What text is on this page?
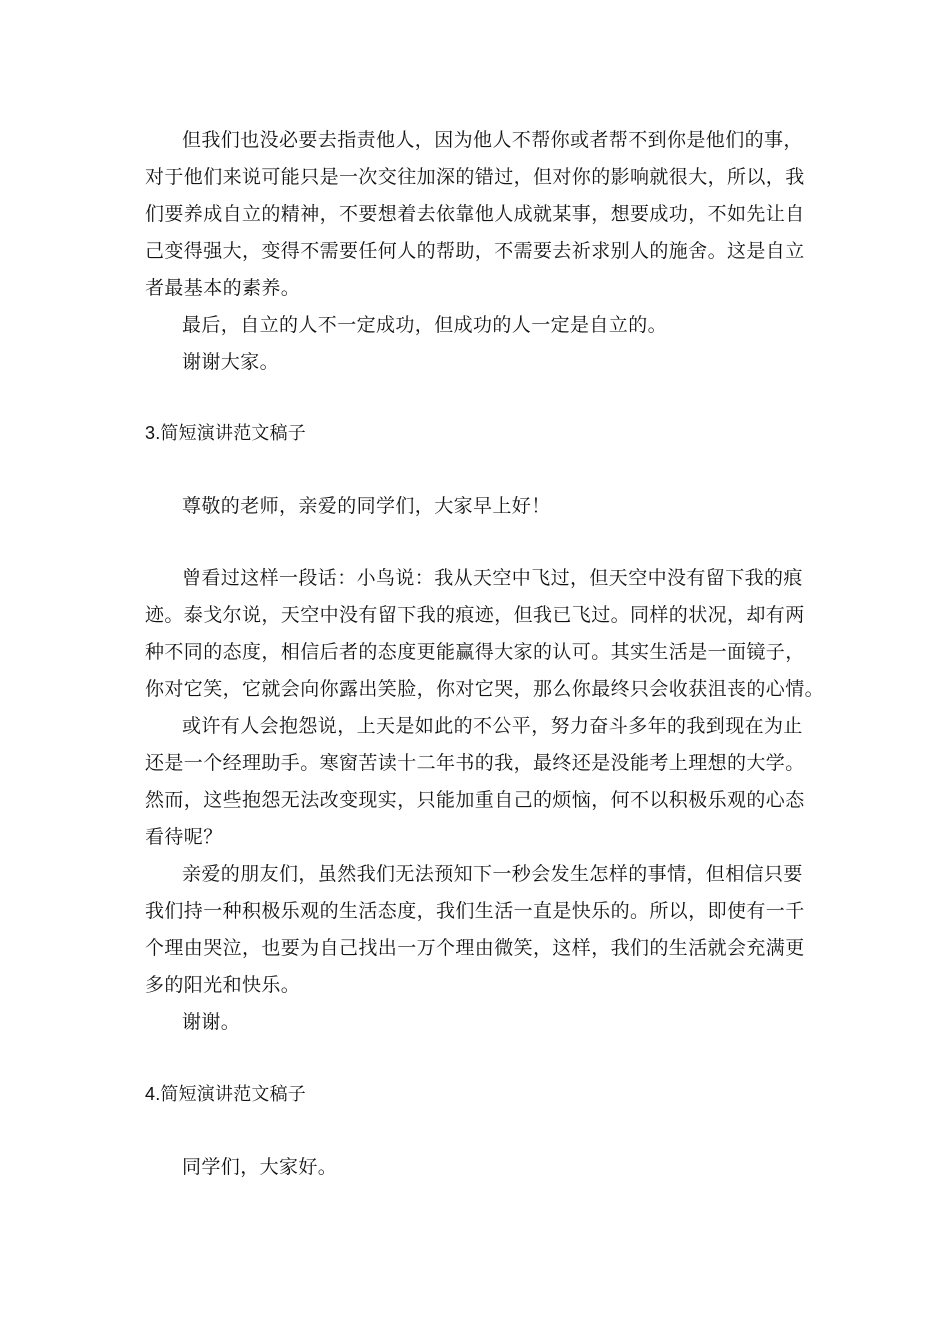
但我们也没必要去指责他人，因为他人不帮你或者帮不到你是他们的事，
对于他们来说可能只是一次交往加深的错过，但对你的影响就很大，所以，我
们要养成自立的精神，不要想着去依靠他人成就某事，想要成功，不如先让自
己变得强大，变得不需要任何人的帮助，不需要去祈求别人的施舍。这是自立
者最基本的素养。
最后，自立的人不一定成功，但成功的人一定是自立的。
谢谢大家。
3.简短演讲范文稿子
尊敬的老师，亲爱的同学们，大家早上好！
曾看过这样一段话：小鸟说：我从天空中飞过，但天空中没有留下我的痕
迹。泰戈尔说，天空中没有留下我的痕迹，但我已飞过。同样的状况，却有两
种不同的态度，相信后者的态度更能赢得大家的认可。其实生活是一面镜子，
你对它笑，它就会向你露出笑脸，你对它哭，那么你最终只会收获沮丧的心情。
或许有人会抱怨说，上天是如此的不公平，努力奋斗多年的我到现在为止
还是一个经理助手。寒窗苦读十二年书的我，最终还是没能考上理想的大学。
然而，这些抱怨无法改变现实，只能加重自己的烦恼，何不以积极乐观的心态
看待呢？
亲爱的朋友们，虽然我们无法预知下一秒会发生怎样的事情，但相信只要
我们持一种积极乐观的生活态度，我们生活一直是快乐的。所以，即使有一千
个理由哭泣，也要为自己找出一万个理由微笑，这样，我们的生活就会充满更
多的阳光和快乐。
谢谢。
4.简短演讲范文稿子
同学们，大家好。
